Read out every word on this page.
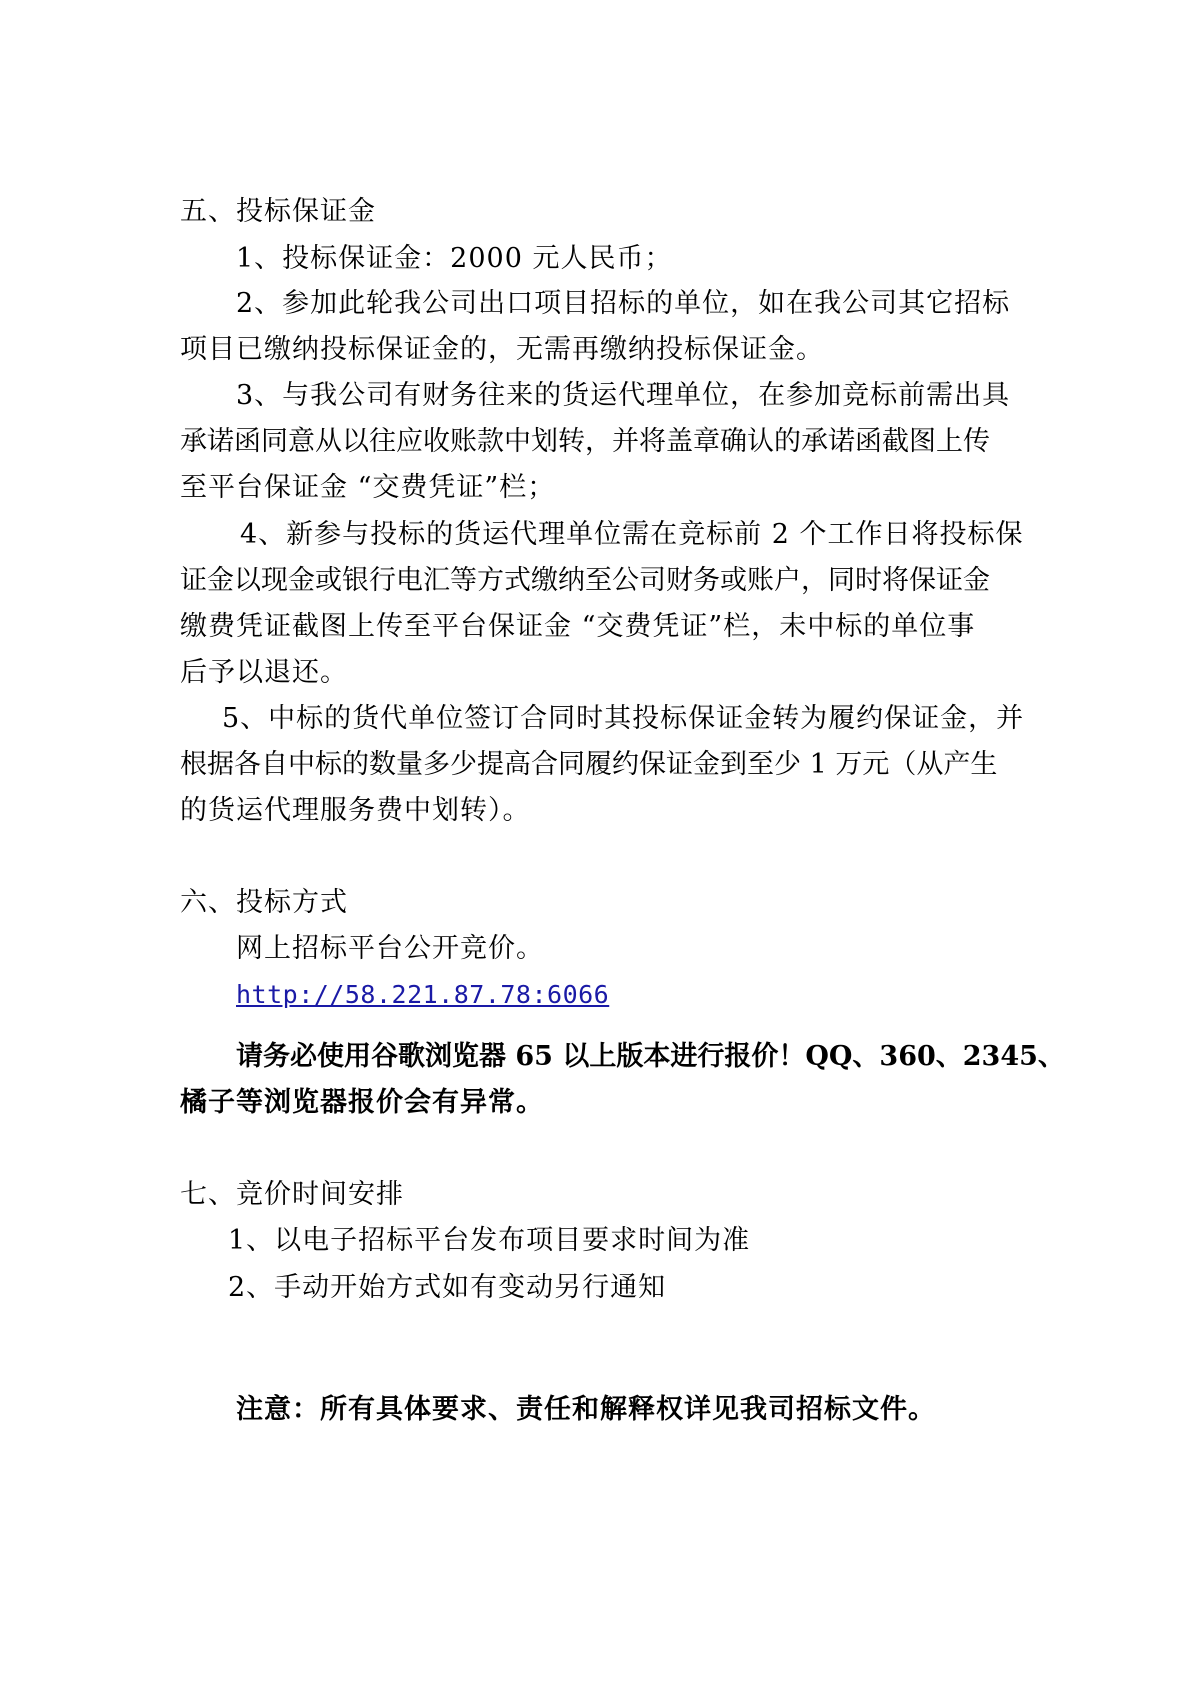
五、投标保证金
1、投标保证金：2000 元人民币；
2、参加此轮我公司出口项目招标的单位，如在我公司其它招标
项目已缴纳投标保证金的，无需再缴纳投标保证金。
3、与我公司有财务往来的货运代理单位，在参加竞标前需出具
承诺函同意从以往应收账款中划转，并将盖章确认的承诺函截图上传
至平台保证金 “交费凭证”栏；
4、新参与投标的货运代理单位需在竞标前 2 个工作日将投标保
证金以现金或银行电汇等方式缴纳至公司财务或账户，同时将保证金
缴费凭证截图上传至平台保证金 “交费凭证”栏，未中标的单位事
后予以退还。
5、中标的货代单位签订合同时其投标保证金转为履约保证金，并
根据各自中标的数量多少提高合同履约保证金到至少 1 万元（从产生
的货运代理服务费中划转）。
六、投标方式
网上招标平台公开竞价。
http://58.221.87.78:6066
请务必使用谷歌浏览器 65 以上版本进行报价！QQ、360、2345、
橘子等浏览器报价会有异常。
七、竞价时间安排
1、以电子招标平台发布项目要求时间为准
2、手动开始方式如有变动另行通知
注意：所有具体要求、责任和解释权详见我司招标文件。
